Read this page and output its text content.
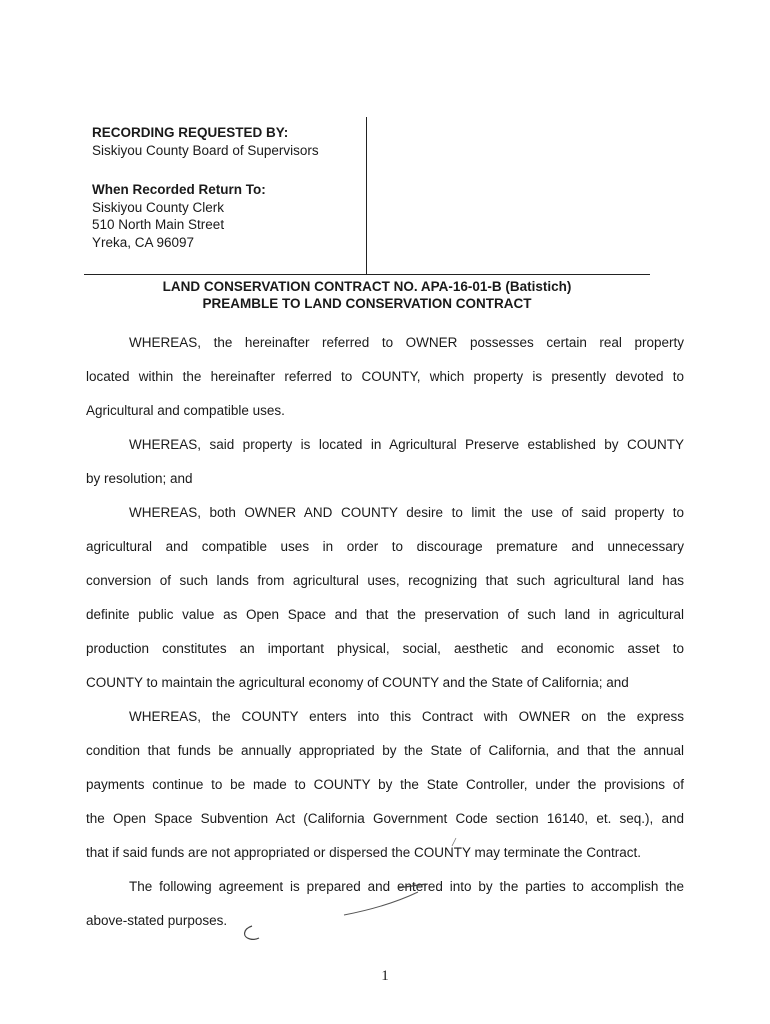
RECORDING REQUESTED BY:
Siskiyou County Board of Supervisors
When Recorded Return To:
Siskiyou County Clerk
510 North Main Street
Yreka, CA 96097
LAND CONSERVATION CONTRACT NO. APA-16-01-B (Batistich)
PREAMBLE TO LAND CONSERVATION CONTRACT
WHEREAS, the hereinafter referred to OWNER possesses certain real property
located within the hereinafter referred to COUNTY, which property is presently devoted to
Agricultural and compatible uses.
WHEREAS, said property is located in Agricultural Preserve established by COUNTY
by resolution; and
WHEREAS, both OWNER AND COUNTY desire to limit the use of said property to
agricultural and compatible uses in order to discourage premature and unnecessary
conversion of such lands from agricultural uses, recognizing that such agricultural land has
definite public value as Open Space and that the preservation of such land in agricultural
production constitutes an important physical, social, aesthetic and economic asset to
COUNTY to maintain the agricultural economy of COUNTY and the State of California; and
WHEREAS, the COUNTY enters into this Contract with OWNER on the express
condition that funds be annually appropriated by the State of California, and that the annual
payments continue to be made to COUNTY by the State Controller, under the provisions of
the Open Space Subvention Act (California Government Code section 16140, et. seq.), and
that if said funds are not appropriated or dispersed the COUNTY may terminate the Contract.
The following agreement is prepared and entered into by the parties to accomplish the
above-stated purposes.
1
